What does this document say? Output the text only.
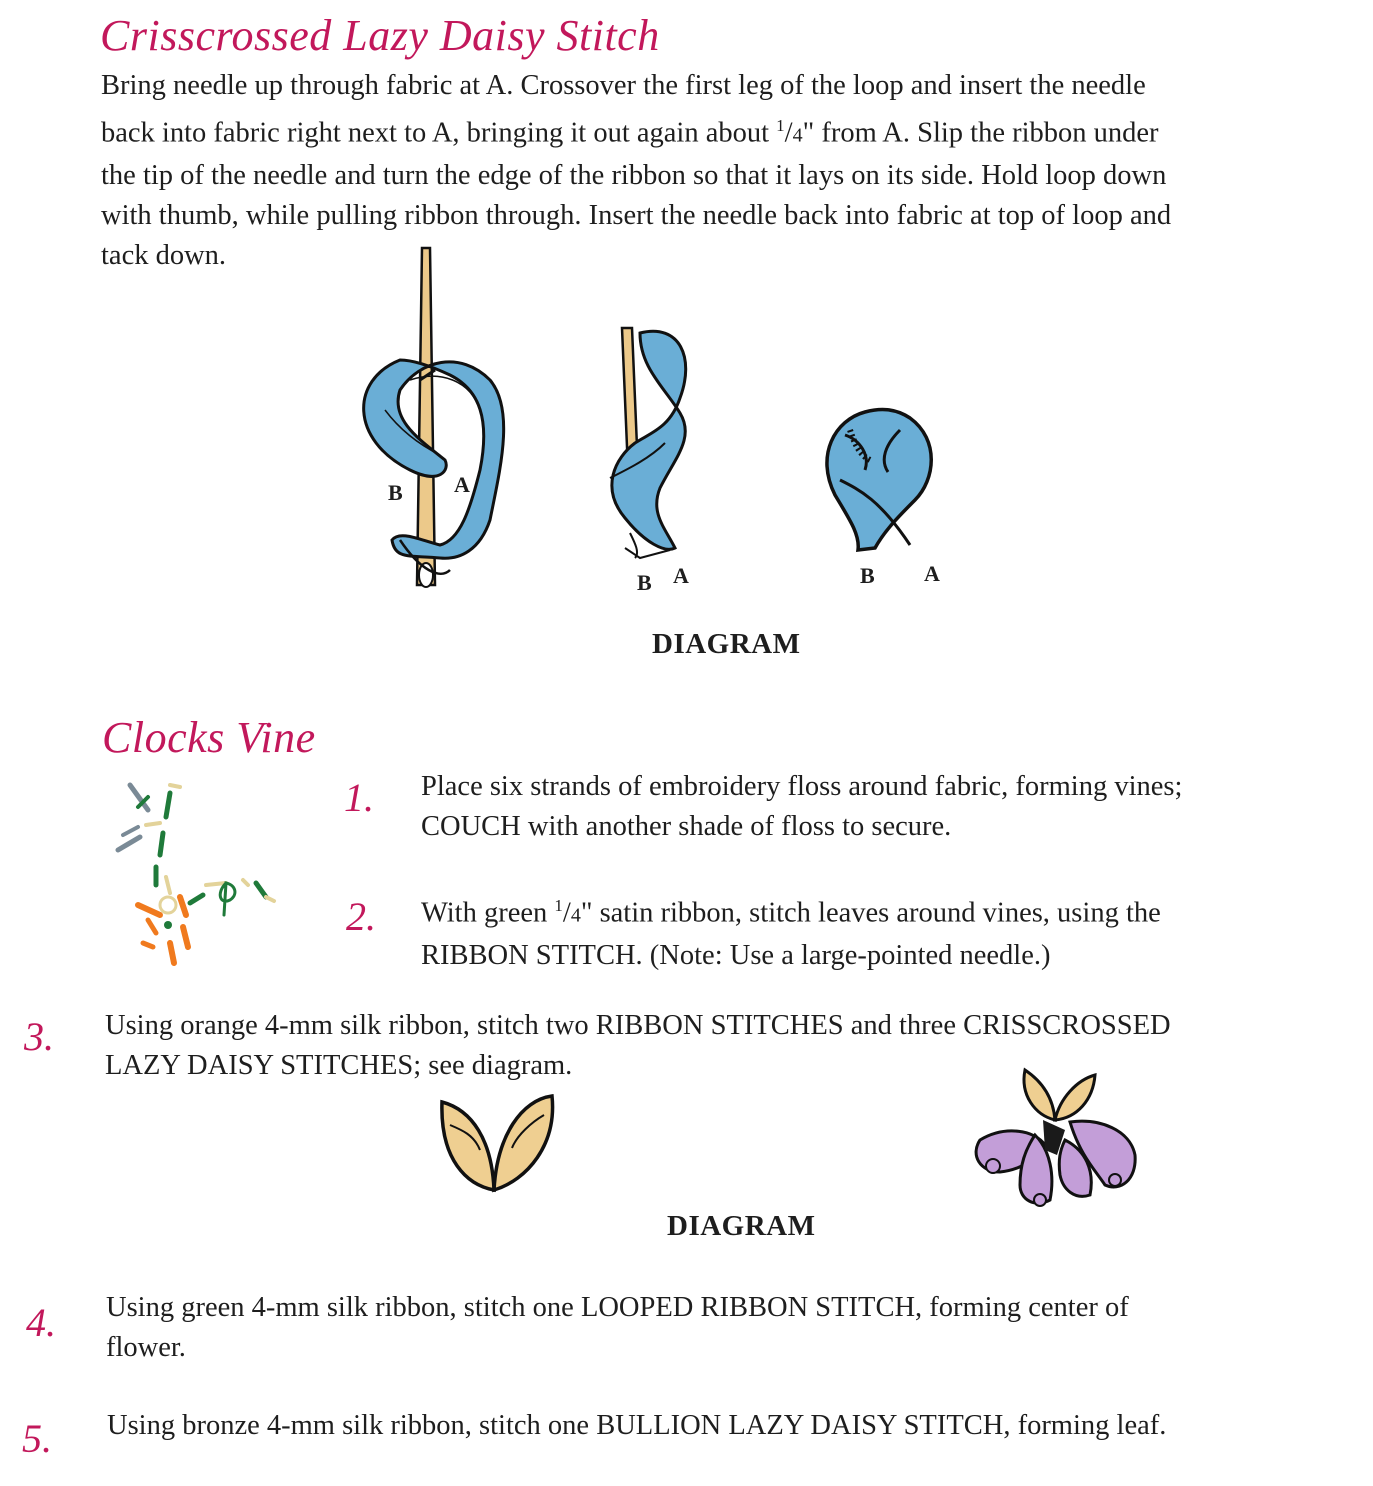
Crisscrossed Lazy Daisy Stitch
Bring needle up through fabric at A. Crossover the first leg of the loop and insert the needle
back into fabric right next to A, bringing it out again about $^1$/4" from A. Slip the ribbon under
the tip of the needle and turn the edge of the ribbon so that it lays on its side. Hold loop down
with thumb, while pulling ribbon through. Insert the needle back into fabric at top of loop and
tack down.
B A
B A	B A
DIAGRAM
Clocks Vine
1. Place six strands of embroidery floss around fabric, forming vines;
COUCH with another shade of floss to secure.
2. With green $^1$/4" satin ribbon, stitch leaves around vines, using the
RIBBON STITCH. (Note: Use a large-pointed needle.)
3. Using orange 4-mm silk ribbon, stitch two RIBBON STITCHES and three CRISSCROSSED
LAZY DAISY STITCHES; see diagram.
DIAGRAM
4. Using green 4-mm silk ribbon, stitch one LOOPED RIBBON STITCH, forming center of
flower.
5. Using bronze 4-mm silk ribbon, stitch one BULLION LAZY DAISY STITCH, forming leaf.
